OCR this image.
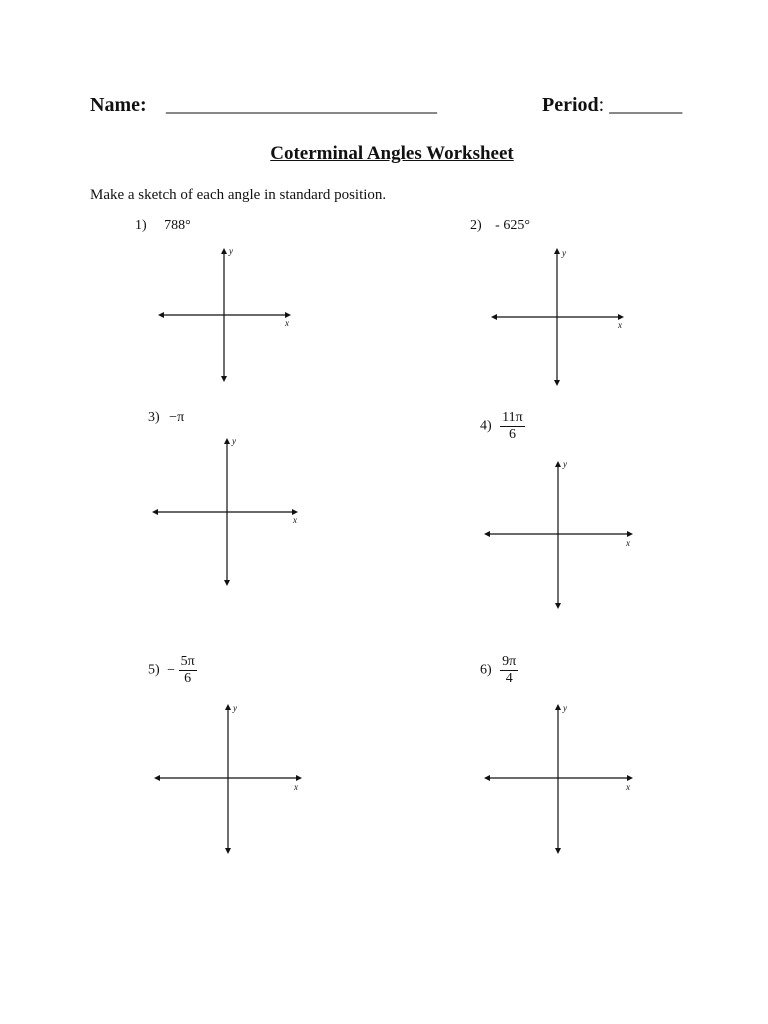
Name: ______________________________	Period: ________
Coterminal Angles Worksheet
Make a sketch of each angle in standard position.
1) 788°
x
y
2) - 625°
x
y
3) −π
x
y
$4) \frac{11\pi}{6}$
x
y
$5) - \frac{5\pi}{6}$
x
y
$6) \frac{9\pi}{4}$
x
y
